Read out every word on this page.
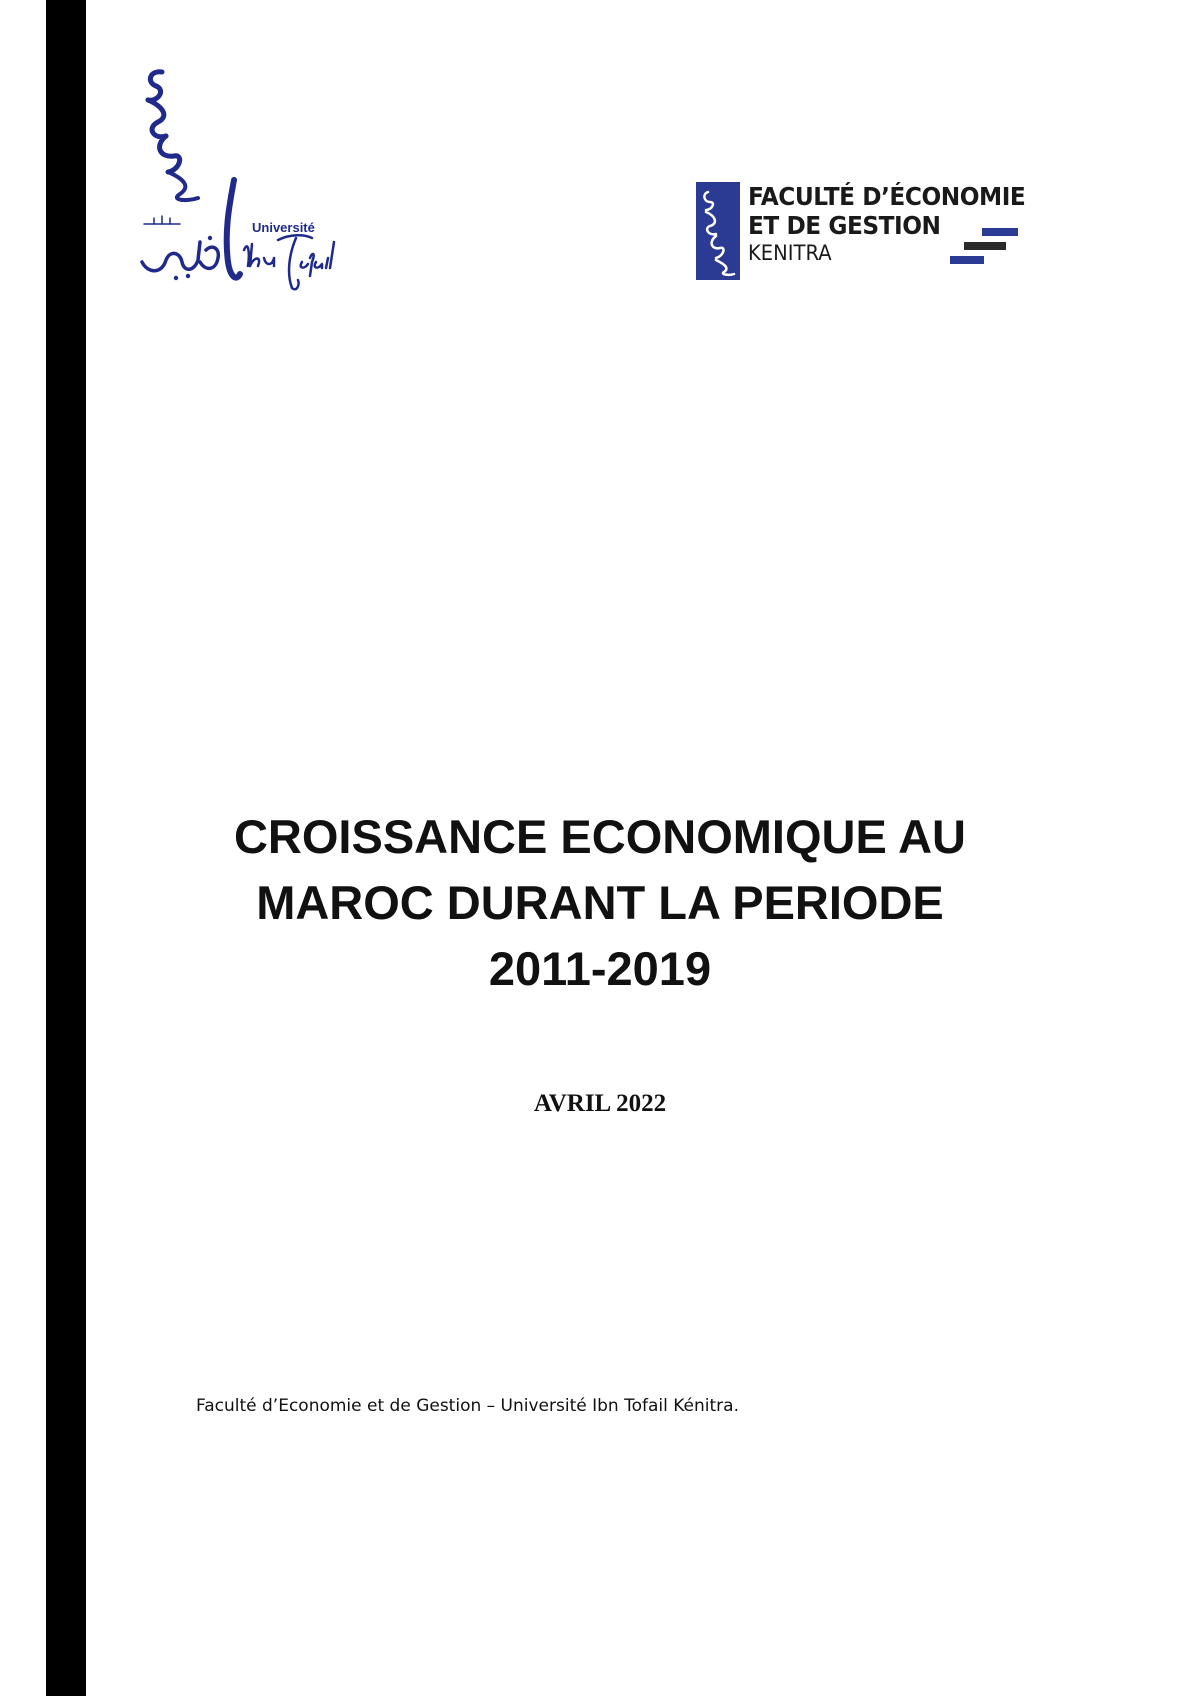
Université
FACULTÉ D’ÉCONOMIE
ET DE GESTION
KENITRA
CROISSANCE ECONOMIQUE AU
MAROC DURANT LA PERIODE
2011-2019
AVRIL 2022
Faculté d’Economie et de Gestion – Université Ibn Tofail Kénitra.
